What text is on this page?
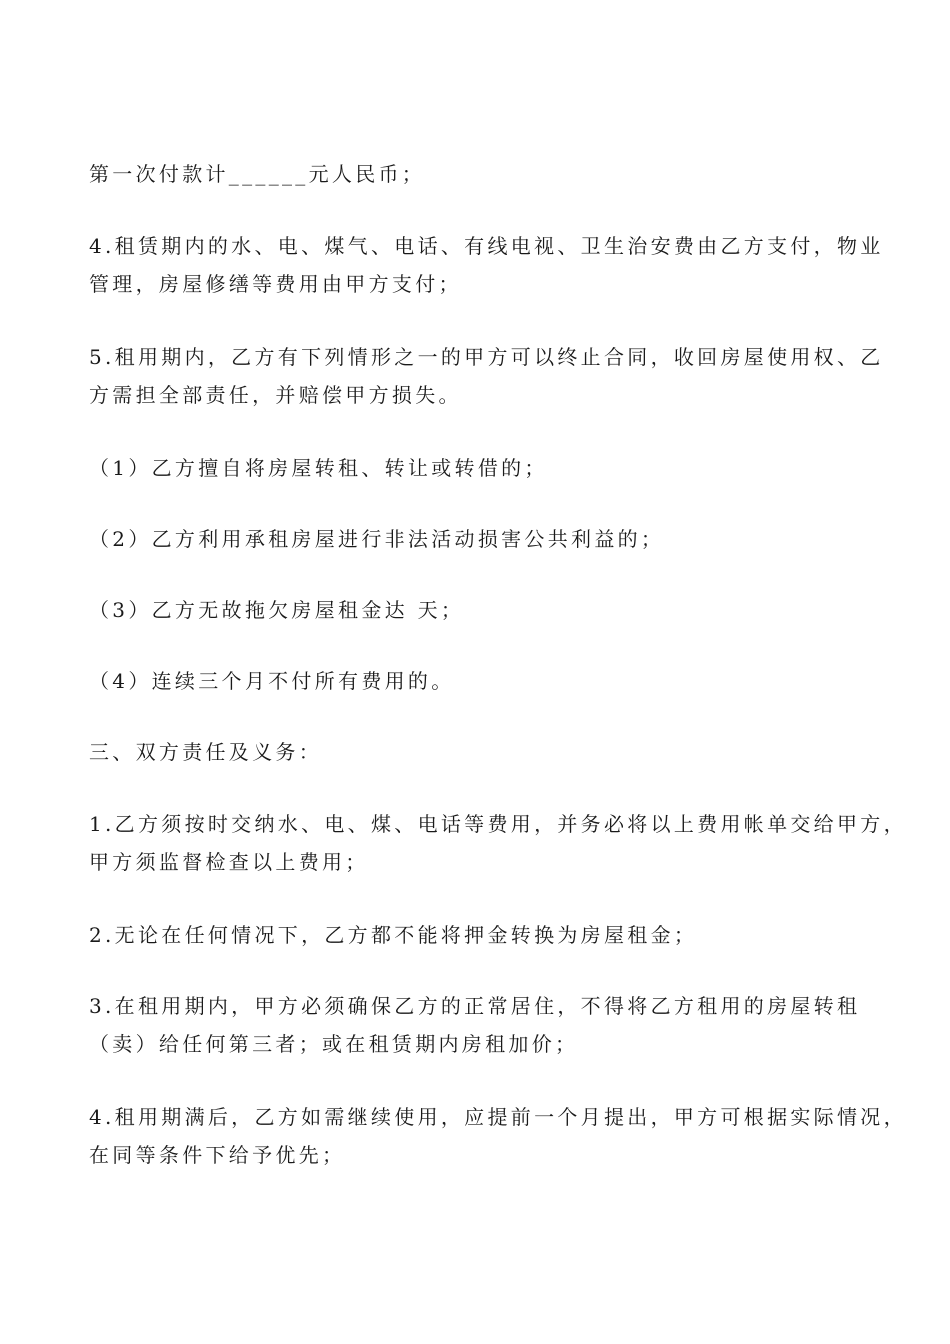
第一次付款计______元人民币；

4.租赁期内的水、电、煤气、电话、有线电视、卫生治安费由乙方支付，物业
管理，房屋修缮等费用由甲方支付；

5.租用期内，乙方有下列情形之一的甲方可以终止合同，收回房屋使用权、乙
方需担全部责任，并赔偿甲方损失。

（1）乙方擅自将房屋转租、转让或转借的；

（2）乙方利用承租房屋进行非法活动损害公共利益的；

（3）乙方无故拖欠房屋租金达 天；

（4）连续三个月不付所有费用的。

三、双方责任及义务：

1.乙方须按时交纳水、电、煤、电话等费用，并务必将以上费用帐单交给甲方，
甲方须监督检查以上费用；

2.无论在任何情况下，乙方都不能将押金转换为房屋租金；

3.在租用期内，甲方必须确保乙方的正常居住，不得将乙方租用的房屋转租
（卖）给任何第三者；或在租赁期内房租加价；

4.租用期满后，乙方如需继续使用，应提前一个月提出，甲方可根据实际情况，
在同等条件下给予优先；
